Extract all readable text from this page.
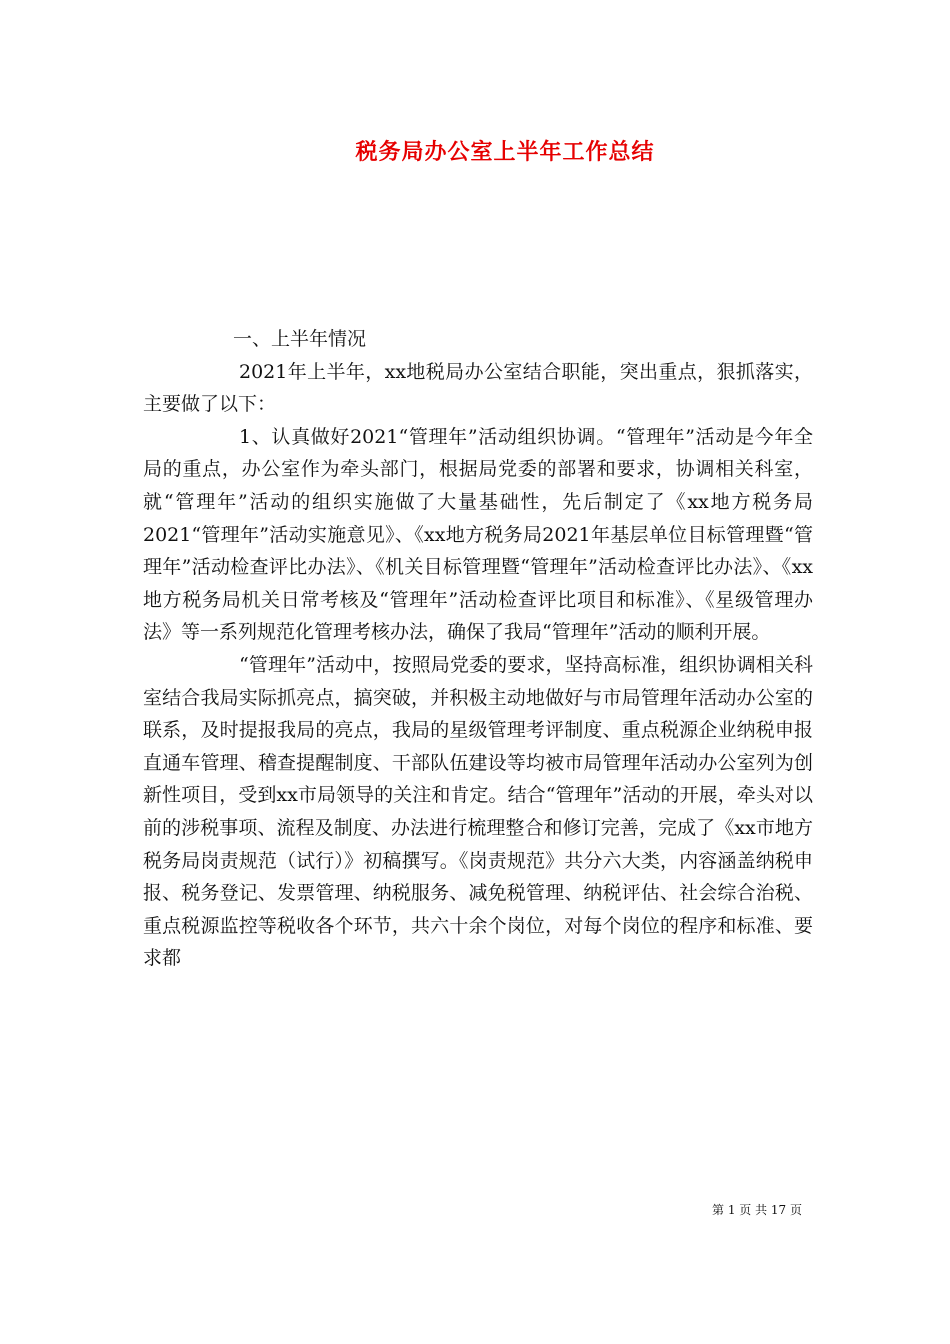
税务局办公室上半年工作总结

一、上半年情况

2021年上半年，xx地税局办公室结合职能，突出重点，狠抓落实，主要做了以下：

1、认真做好2021“管理年”活动组织协调。“管理年”活动是今年全局的重点，办公室作为牵头部门，根据局党委的部署和要求，协调相关科室，就“管理年”活动的组织实施做了大量基础性，先后制定了《xx地方税务局2021“管理年”活动实施意见》、《xx地方税务局2021年基层单位目标管理暨“管理年”活动检查评比办法》、《机关目标管理暨“管理年”活动检查评比办法》、《xx地方税务局机关日常考核及“管理年”活动检查评比项目和标准》、《星级管理办法》等一系列规范化管理考核办法，确保了我局“管理年”活动的顺利开展。

“管理年”活动中，按照局党委的要求，坚持高标准，组织协调相关科室结合我局实际抓亮点，搞突破，并积极主动地做好与市局管理年活动办公室的联系，及时提报我局的亮点，我局的星级管理考评制度、重点税源企业纳税申报直通车管理、稽查提醒制度、干部队伍建设等均被市局管理年活动办公室列为创新性项目，受到xx市局领导的关注和肯定。结合“管理年”活动的开展，牵头对以前的涉税事项、流程及制度、办法进行梳理整合和修订完善，完成了《xx市地方税务局岗责规范（试行）》初稿撰写。《岗责规范》共分六大类，内容涵盖纳税申报、税务登记、发票管理、纳税服务、减免税管理、纳税评估、社会综合治税、重点税源监控等税收各个环节，共六十余个岗位，对每个岗位的程序和标准、要求都

第 1 页 共 17 页
